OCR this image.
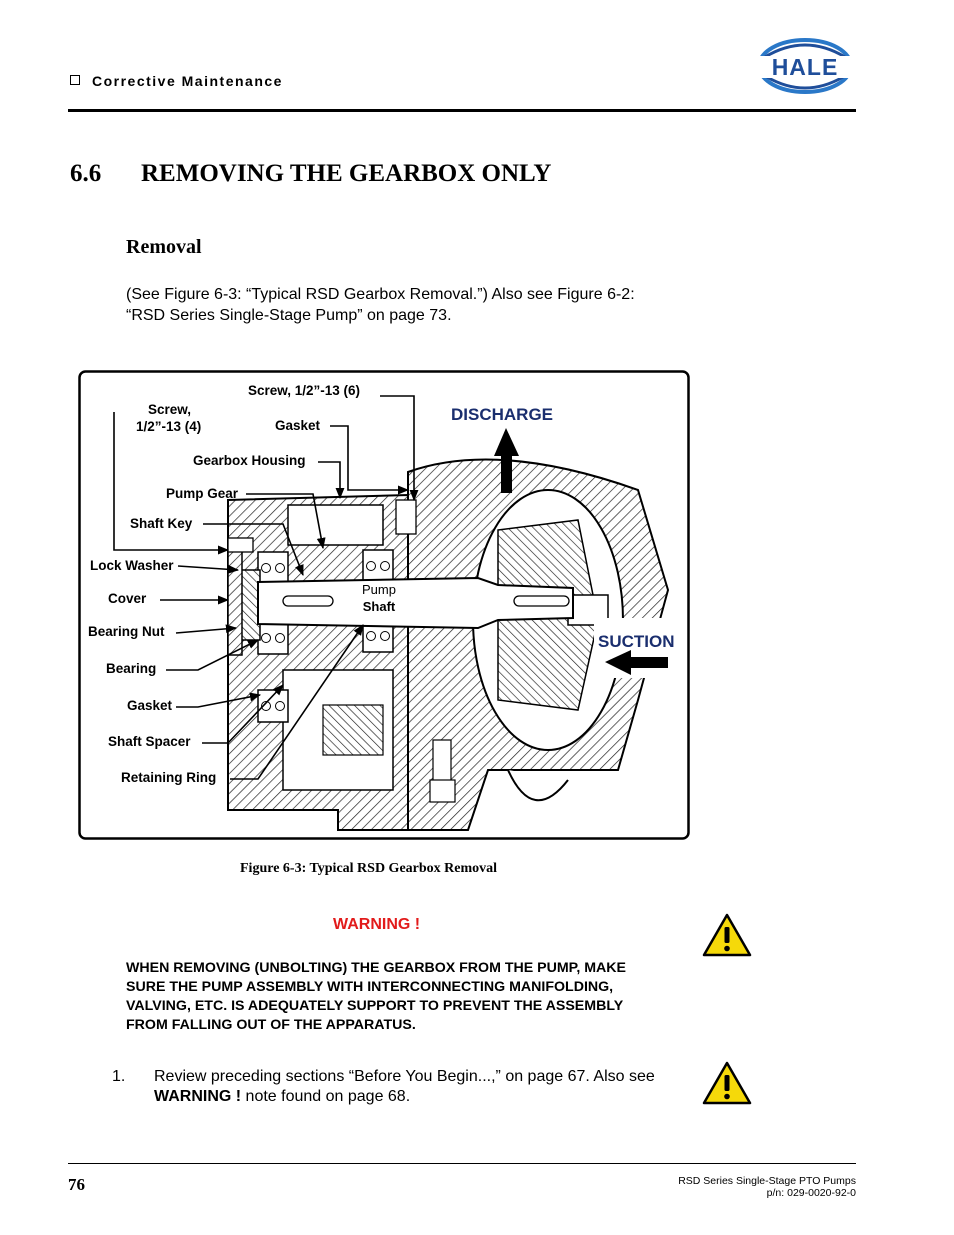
Corrective Maintenance
HALE
6.6 REMOVING THE GEARBOX ONLY
Removal
(See Figure 6-3: “Typical RSD Gearbox Removal.”) Also see Figure 6-2:
“RSD Series Single-Stage Pump” on page 73.
Pump
Shaft
DISCHARGE
SUCTION
Screw, 1/2”-13 (6)
Screw,
1/2”-13 (4)	Gasket
Gearbox Housing
Pump Gear
Shaft Key
Lock Washer
Cover
Bearing Nut
Bearing
Gasket
Shaft Spacer
Retaining Ring
Figure 6-3: Typical RSD Gearbox Removal
WARNING !
WHEN REMOVING (UNBOLTING) THE GEARBOX FROM THE PUMP, MAKE
SURE THE PUMP ASSEMBLY WITH INTERCONNECTING MANIFOLDING,
VALVING, ETC. IS ADEQUATELY SUPPORT TO PREVENT THE ASSEMBLY
FROM FALLING OUT OF THE APPARATUS.
1. Review preceding sections “Before You Begin...,” on page 67. Also see
WARNING ! note found on page 68.
76	RSD Series Single-Stage PTO Pumps
p/n: 029-0020-92-0
